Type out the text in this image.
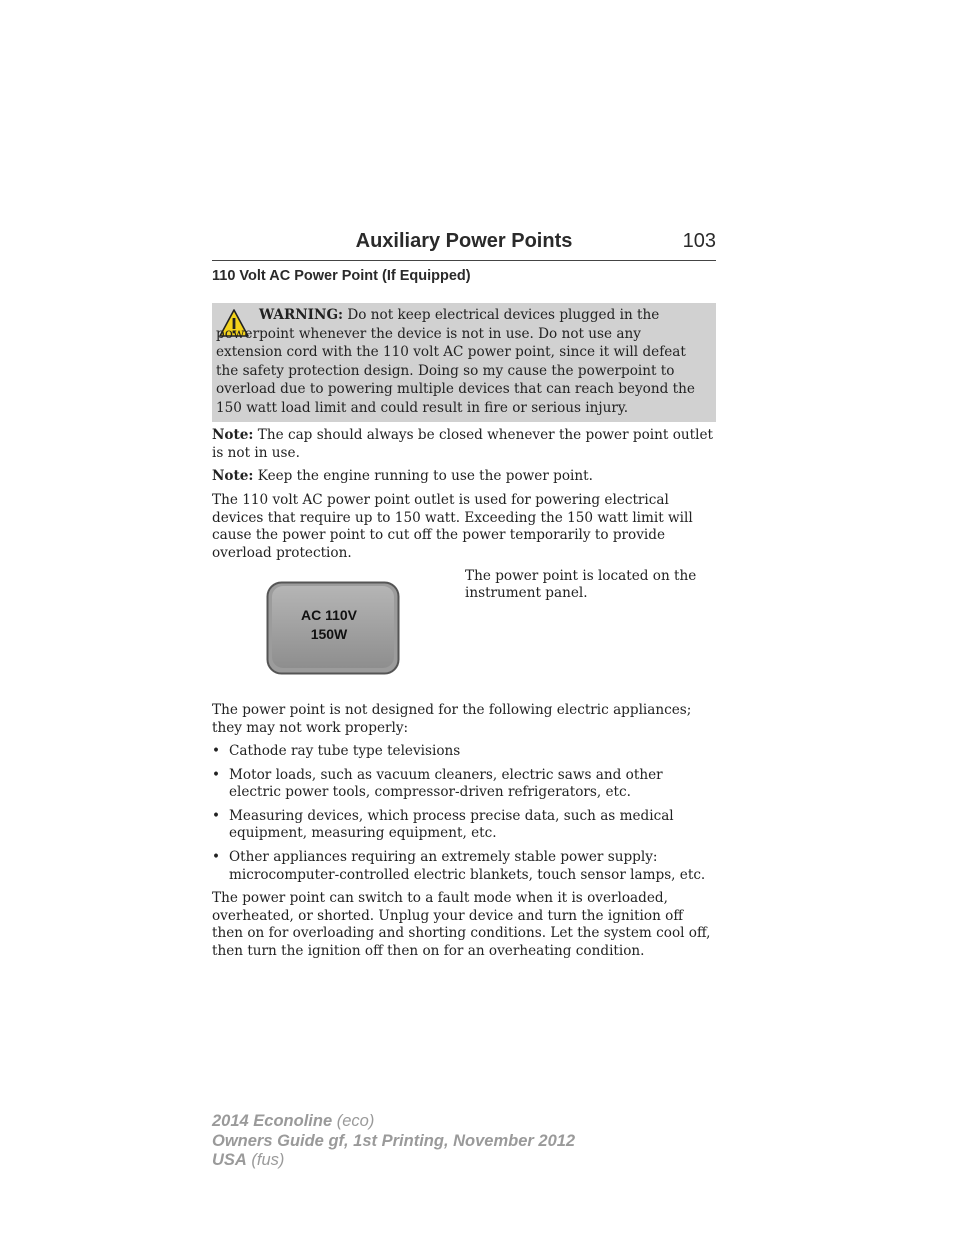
Auxiliary Power Points	103
110 Volt AC Power Point (If Equipped)
WARNING: Do not keep electrical devices plugged in the powerpoint whenever the device is not in use. Do not use any extension cord with the 110 volt AC power point, since it will defeat the safety protection design. Doing so my cause the powerpoint to overload due to powering multiple devices that can reach beyond the 150 watt load limit and could result in fire or serious injury.

Note: The cap should always be closed whenever the power point outlet is not in use.

Note: Keep the engine running to use the power point.

The 110 volt AC power point outlet is used for powering electrical devices that require up to 150 watt. Exceeding the 150 watt limit will cause the power point to cut off the power temporarily to provide overload protection.

AC 110V
150W
The power point is located on the instrument panel.

The power point is not designed for the following electric appliances; they may not work properly:

• Cathode ray tube type televisions
• Motor loads, such as vacuum cleaners, electric saws and other electric power tools, compressor-driven refrigerators, etc.
• Measuring devices, which process precise data, such as medical equipment, measuring equipment, etc.
• Other appliances requiring an extremely stable power supply: microcomputer-controlled electric blankets, touch sensor lamps, etc.

The power point can switch to a fault mode when it is overloaded, overheated, or shorted. Unplug your device and turn the ignition off then on for overloading and shorting conditions. Let the system cool off, then turn the ignition off then on for an overheating condition.

2014 Econoline (eco)
Owners Guide gf, 1st Printing, November 2012
USA (fus)
